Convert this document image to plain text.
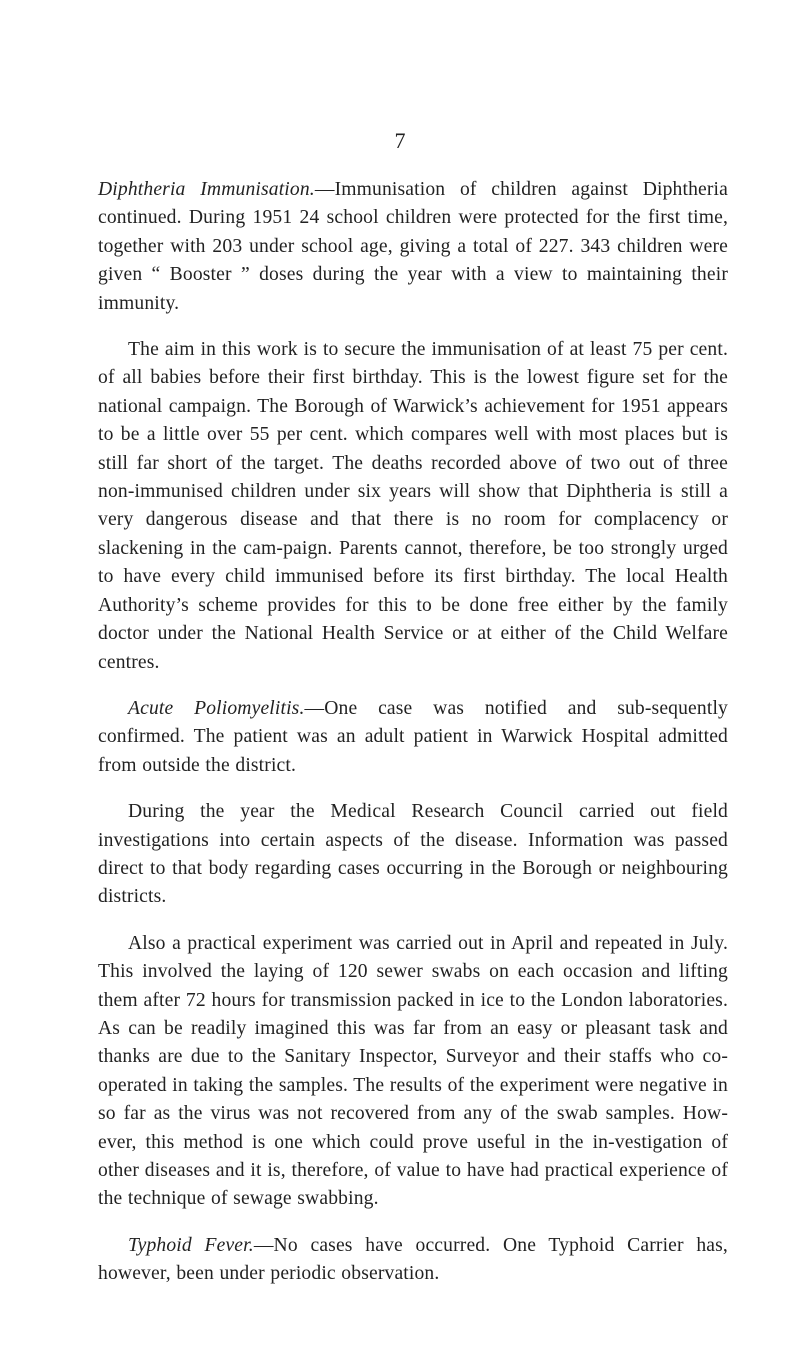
7

Diphtheria Immunisation.—Immunisation of children against Diphtheria continued. During 1951 24 school children were protected for the first time, together with 203 under school age, giving a total of 227. 343 children were given “ Booster ” doses during the year with a view to maintaining their immunity.

The aim in this work is to secure the immunisation of at least 75 per cent. of all babies before their first birthday. This is the lowest figure set for the national campaign. The Borough of Warwick’s achievement for 1951 appears to be a little over 55 per cent. which compares well with most places but is still far short of the target. The deaths recorded above of two out of three non-immunised children under six years will show that Diphtheria is still a very dangerous disease and that there is no room for complacency or slackening in the cam-paign. Parents cannot, therefore, be too strongly urged to have every child immunised before its first birthday. The local Health Authority’s scheme provides for this to be done free either by the family doctor under the National Health Service or at either of the Child Welfare centres.

Acute Poliomyelitis.—One case was notified and sub-sequently confirmed. The patient was an adult patient in Warwick Hospital admitted from outside the district.

During the year the Medical Research Council carried out field investigations into certain aspects of the disease. Information was passed direct to that body regarding cases occurring in the Borough or neighbouring districts.

Also a practical experiment was carried out in April and repeated in July. This involved the laying of 120 sewer swabs on each occasion and lifting them after 72 hours for transmission packed in ice to the London laboratories. As can be readily imagined this was far from an easy or pleasant task and thanks are due to the Sanitary Inspector, Surveyor and their staffs who co-operated in taking the samples. The results of the experiment were negative in so far as the virus was not recovered from any of the swab samples. How-ever, this method is one which could prove useful in the in-vestigation of other diseases and it is, therefore, of value to have had practical experience of the technique of sewage swabbing.

Typhoid Fever.—No cases have occurred. One Typhoid Carrier has, however, been under periodic observation.
